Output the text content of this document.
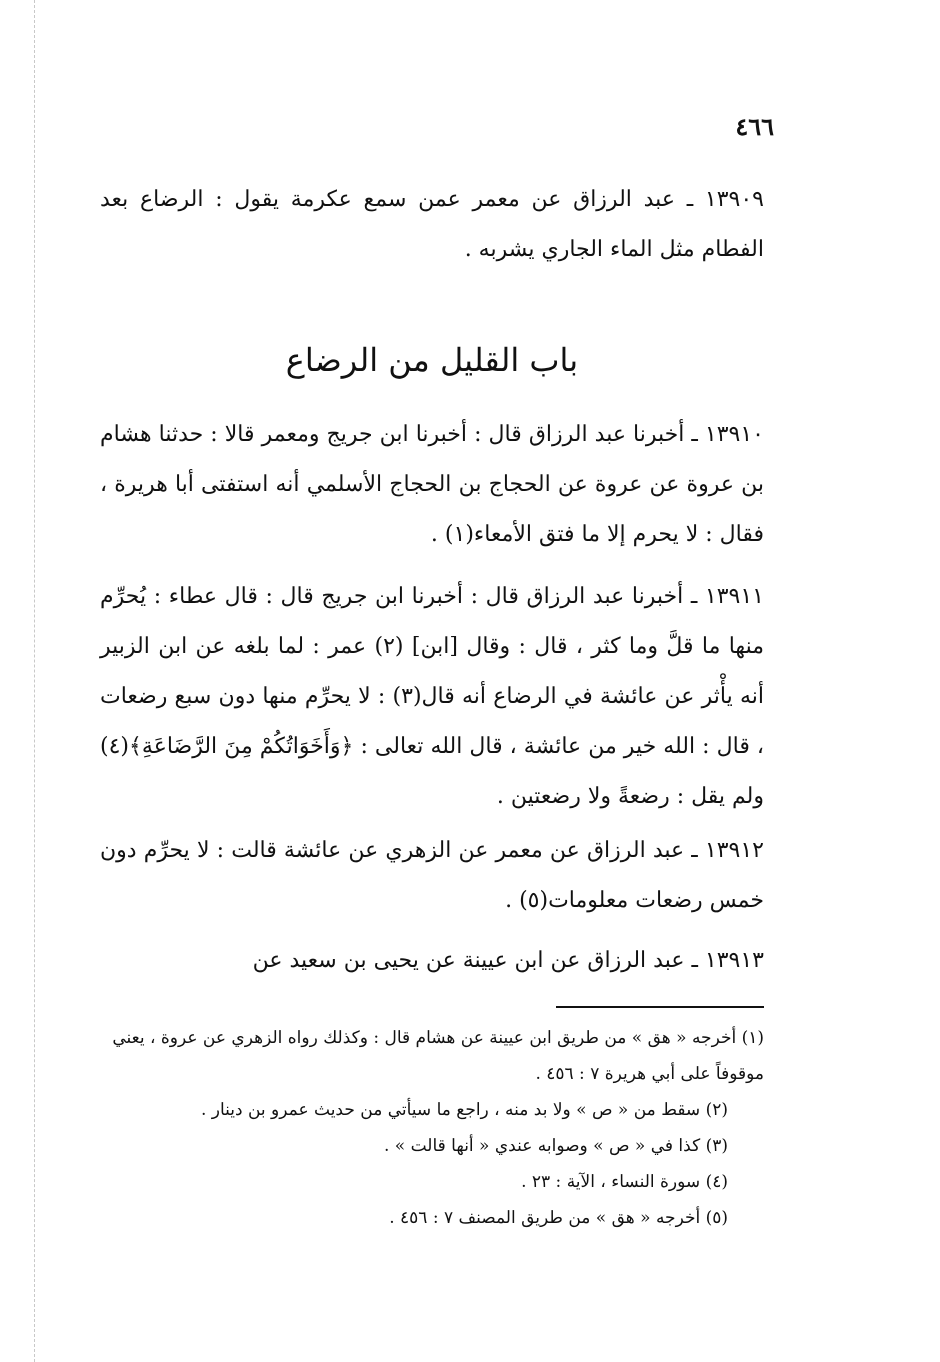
٤٦٦

١٣٩٠٩ ـ عبد الرزاق عن معمر عمن سمع عكرمة يقول : الرضاع بعد الفطام مثل الماء الجاري يشربه .

باب القليل من الرضاع

١٣٩١٠ ـ أخبرنا عبد الرزاق قال : أخبرنا ابن جريج ومعمر قالا : حدثنا هشام بن عروة عن عروة عن الحجاج بن الحجاج الأسلمي أنه استفتى أبا هريرة ، فقال : لا يحرم إلا ما فتق الأمعاء(١) .

١٣٩١١ ـ أخبرنا عبد الرزاق قال : أخبرنا ابن جريج قال : قال عطاء : يُحرِّم منها ما قلَّ وما كثر ، قال : وقال [ابن] (٢) عمر : لما بلغه عن ابن الزبير أنه يأْثر عن عائشة في الرضاع أنه قال(٣) : لا يحرِّم منها دون سبع رضعات ، قال : الله خير من عائشة ، قال الله تعالى : ﴿وَأَخَوَاتُكُمْ مِنَ الرَّضَاعَةِ﴾(٤) ولم يقل : رضعةً ولا رضعتين .

١٣٩١٢ ـ عبد الرزاق عن معمر عن الزهري عن عائشة قالت : لا يحرِّم دون خمس رضعات معلومات(٥) .

١٣٩١٣ ـ عبد الرزاق عن ابن عيينة عن يحيى بن سعيد عن

(١) أخرجه « هق » من طريق ابن عيينة عن هشام قال : وكذلك رواه الزهري عن عروة ، يعني موقوفاً على أبي هريرة ٧ : ٤٥٦ .

(٢) سقط من « ص » ولا بد منه ، راجع ما سيأتي من حديث عمرو بن دينار .

(٣) كذا في « ص » وصوابه عندي « أنها قالت » .

(٤) سورة النساء ، الآية : ٢٣ .

(٥) أخرجه « هق » من طريق المصنف ٧ : ٤٥٦ .
